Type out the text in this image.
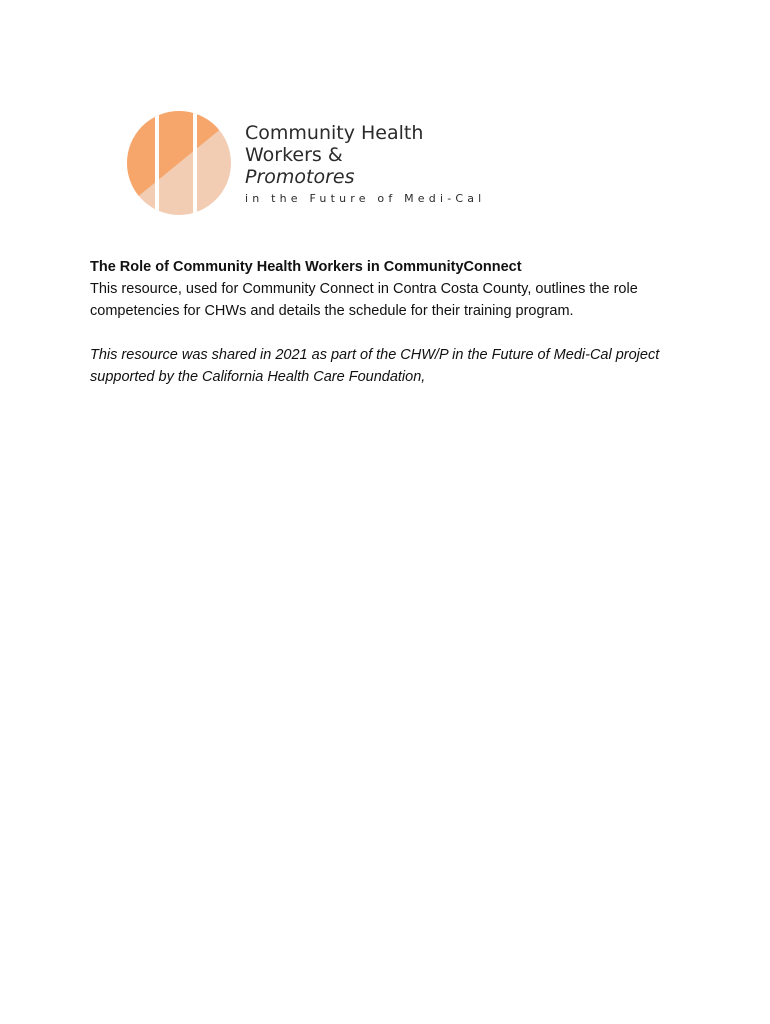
Community Health
Workers &
Promotores
in the Future of Medi-Cal

The Role of Community Health Workers in CommunityConnect

This resource, used for Community Connect in Contra Costa County, outlines the role competencies for CHWs and details the schedule for their training program.

This resource was shared in 2021 as part of the CHW/P in the Future of Medi-Cal project supported by the California Health Care Foundation,
